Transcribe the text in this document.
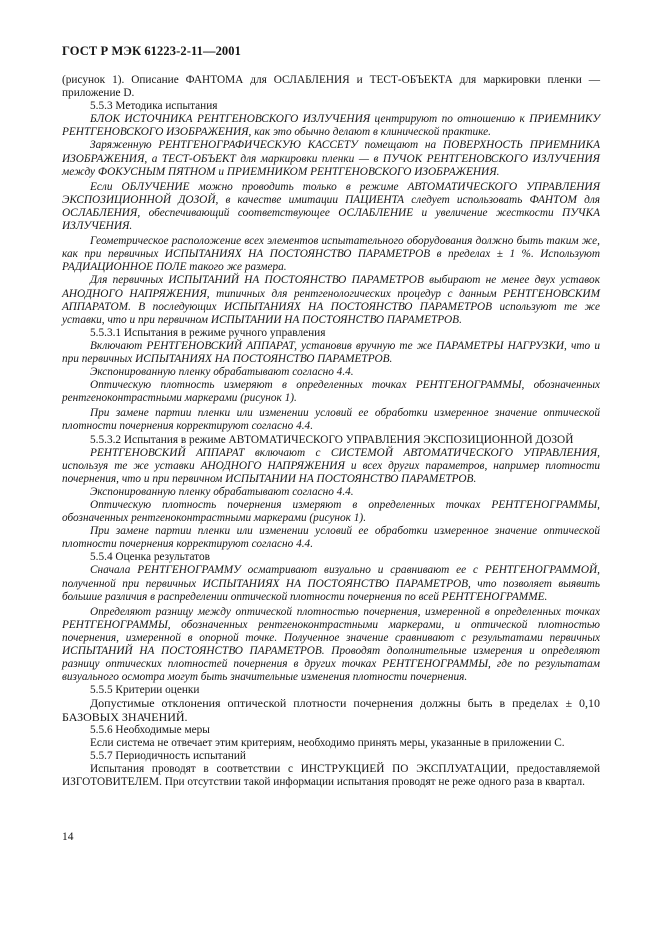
ГОСТ Р МЭК 61223-2-11—2001

(рисунок 1). Описание ФАНТОМА для ОСЛАБЛЕНИЯ и ТЕСТ-ОБЪЕКТА для маркировки пленки — приложение D.

5.5.3 Методика испытания

БЛОК ИСТОЧНИКА РЕНТГЕНОВСКОГО ИЗЛУЧЕНИЯ центрируют по отношению к ПРИЕМНИКУ РЕНТГЕНОВСКОГО ИЗОБРАЖЕНИЯ, как это обычно делают в клинической практике.

Заряженную РЕНТГЕНОГРАФИЧЕСКУЮ КАССЕТУ помещают на ПОВЕРХНОСТЬ ПРИЕМНИКА ИЗОБРАЖЕНИЯ, а ТЕСТ-ОБЪЕКТ для маркировки пленки — в ПУЧОК РЕНТГЕНОВСКОГО ИЗЛУЧЕНИЯ между ФОКУСНЫМ ПЯТНОМ и ПРИЕМНИКОМ РЕНТГЕНОВСКОГО ИЗОБРАЖЕНИЯ.

Если ОБЛУЧЕНИЕ можно проводить только в режиме АВТОМАТИЧЕСКОГО УПРАВЛЕНИЯ ЭКСПОЗИЦИОННОЙ ДОЗОЙ, в качестве имитации ПАЦИЕНТА следует использовать ФАНТОМ для ОСЛАБЛЕНИЯ, обеспечивающий соответствующее ОСЛАБЛЕНИЕ и увеличение жесткости ПУЧКА ИЗЛУЧЕНИЯ.

Геометрическое расположение всех элементов испытательного оборудования должно быть таким же, как при первичных ИСПЫТАНИЯХ НА ПОСТОЯНСТВО ПАРАМЕТРОВ в пределах ± 1 %. Используют РАДИАЦИОННОЕ ПОЛЕ такого же размера.

Для первичных ИСПЫТАНИЙ НА ПОСТОЯНСТВО ПАРАМЕТРОВ выбирают не менее двух уставок АНОДНОГО НАПРЯЖЕНИЯ, типичных для рентгенологических процедур с данным РЕНТГЕНОВСКИМ АППАРАТОМ. В последующих ИСПЫТАНИЯХ НА ПОСТОЯНСТВО ПАРАМЕТРОВ используют те же уставки, что и при первичном ИСПЫТАНИИ НА ПОСТОЯНСТВО ПАРАМЕТРОВ.

5.5.3.1 Испытания в режиме ручного управления

Включают РЕНТГЕНОВСКИЙ АППАРАТ, установив вручную те же ПАРАМЕТРЫ НАГРУЗКИ, что и при первичных ИСПЫТАНИЯХ НА ПОСТОЯНСТВО ПАРАМЕТРОВ.

Экспонированную пленку обрабатывают согласно 4.4.

Оптическую плотность измеряют в определенных точках РЕНТГЕНОГРАММЫ, обозначенных рентгеноконтрастными маркерами (рисунок 1).

При замене партии пленки или изменении условий ее обработки измеренное значение оптической плотности почернения корректируют согласно 4.4.

5.5.3.2 Испытания в режиме АВТОМАТИЧЕСКОГО УПРАВЛЕНИЯ ЭКСПОЗИЦИОННОЙ ДОЗОЙ

РЕНТГЕНОВСКИЙ АППАРАТ включают с СИСТЕМОЙ АВТОМАТИЧЕСКОГО УПРАВЛЕНИЯ, используя те же уставки АНОДНОГО НАПРЯЖЕНИЯ и всех других параметров, например плотности почернения, что и при первичном ИСПЫТАНИИ НА ПОСТОЯНСТВО ПАРАМЕТРОВ.

Экспонированную пленку обрабатывают согласно 4.4.

Оптическую плотность почернения измеряют в определенных точках РЕНТГЕНОГРАММЫ, обозначенных рентгеноконтрастными маркерами (рисунок 1).

При замене партии пленки или изменении условий ее обработки измеренное значение оптической плотности почернения корректируют согласно 4.4.

5.5.4 Оценка результатов

Сначала РЕНТГЕНОГРАММУ осматривают визуально и сравнивают ее с РЕНТГЕНОГРАММОЙ, полученной при первичных ИСПЫТАНИЯХ НА ПОСТОЯНСТВО ПАРАМЕТРОВ, что позволяет выявить большие различия в распределении оптической плотности почернения по всей РЕНТГЕНОГРАММЕ.

Определяют разницу между оптической плотностью почернения, измеренной в определенных точках РЕНТГЕНОГРАММЫ, обозначенных рентгеноконтрастными маркерами, и оптической плотностью почернения, измеренной в опорной точке. Полученное значение сравнивают с результатами первичных ИСПЫТАНИЙ НА ПОСТОЯНСТВО ПАРАМЕТРОВ. Проводят дополнительные измерения и определяют разницу оптических плотностей почернения в других точках РЕНТГЕНОГРАММЫ, где по результатам визуального осмотра могут быть значительные изменения плотности почернения.

5.5.5 Критерии оценки

Допустимые отклонения оптической плотности почернения должны быть в пределах ± 0,10 БАЗОВЫХ ЗНАЧЕНИЙ.

5.5.6 Необходимые меры

Если система не отвечает этим критериям, необходимо принять меры, указанные в приложении С.

5.5.7 Периодичность испытаний

Испытания проводят в соответствии с ИНСТРУКЦИЕЙ ПО ЭКСПЛУАТАЦИИ, предоставляемой ИЗГОТОВИТЕЛЕМ. При отсутствии такой информации испытания проводят не реже одного раза в квартал.

14
